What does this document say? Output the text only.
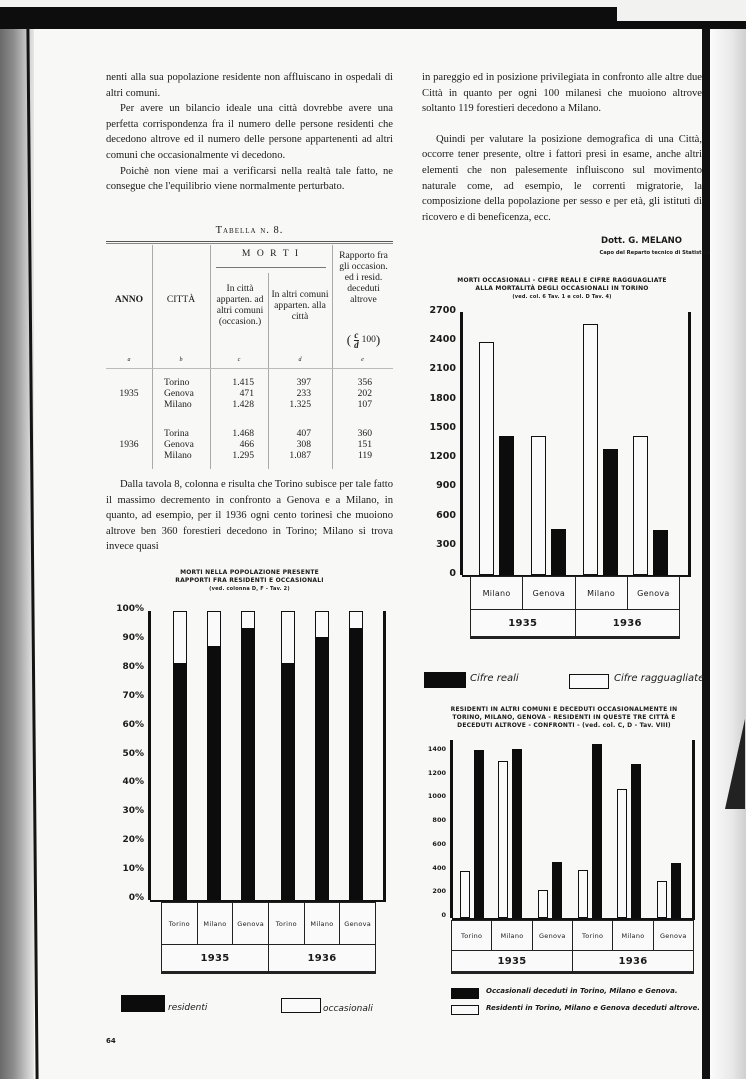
nenti alla sua popolazione residente non affluiscano in ospedali di altri comuni.

Per avere un bilancio ideale una città dovrebbe avere una perfetta corrispondenza fra il numero delle persone residenti che decedono altrove ed il numero delle persone appartenenti ad altri comuni che occasionalmente vi decedono.

Poichè non viene mai a verificarsi nella realtà tale fatto, ne consegue che l'equilibrio viene normalmente perturbato.

Tabella n. 8.
ANNO	CITTÀ
M O R T I
In città apparten. ad altri comuni (occasion.)
In altri comuni apparten. alla città
Rapporto fra gli occasion. ed i resid. deceduti altrove
( $\frac{c}{d} 100$ )
a	b	c	d	e
1935
Torino	1.415	397	356
Genova	471	233	202
Milano	1.428	1.325	107
1936
Torina	1.468	407	360
Genova	466	308	151
Milano	1.295	1.087	119

Dalla tavola 8, colonna e risulta che Torino subisce per tale fatto il massimo decremento in confronto a Genova e a Milano, in quanto, ad esempio, per il 1936 ogni cento torinesi che muoiono altrove ben 360 forestieri decedono in Torino; Milano si trova invece quasi

MORTI NELLA POPOLAZIONE PRESENTE
RAPPORTI FRA RESIDENTI E OCCASIONALI
(ved. colonna D, F - Tav. 2)
0%
10%
20%
30%
40%
50%
60%
70%
80%
90%
100%
Torino	Milano	Genova	Torino	Milano	Genova
1935	1936
residenti	occasionali

in pareggio ed in posizione privilegiata in confronto alle altre due Città in quanto per ogni 100 milanesi che muoiono altrove soltanto 119 forestieri decedono a Milano.

Quindi per valutare la posizione demografica di una Città, occorre tener presente, oltre i fattori presi in esame, anche altri elementi che non palesemente influiscono sul movimento naturale come, ad esempio, le correnti migratorie, la composizione della popolazione per sesso e per età, gli istituti di ricovero e di beneficenza, ecc.

Dott. G. MELANO
Capo del Reparto tecnico di Statistica
MORTI OCCASIONALI - CIFRE REALI E CIFRE RAGGUAGLIATE
ALLA MORTALITÀ DEGLI OCCASIONALI IN TORINO
(ved. col. 6 Tav. 1 e col. D Tav. 4)
0
300
600
900
1200
1500
1800
2100
2400
2700
Milano	Genova	Milano	Genova
1935	1936
Cifre reali	Cifre ragguagliate
RESIDENTI IN ALTRI COMUNI E DECEDUTI OCCASIONALMENTE IN
TORINO, MILANO, GENOVA - RESIDENTI IN QUESTE TRE CITTÀ E
DECEDUTI ALTROVE - CONFRONTI - (ved. col. C, D - Tav. VIII)
0
200
400
600
800
1000
1200
1400
Torino	Milano	Genova	Torino	Milano	Genova
1935	1936
Occasionali deceduti in Torino, Milano e Genova.
Residenti in Torino, Milano e Genova deceduti altrove.
64
